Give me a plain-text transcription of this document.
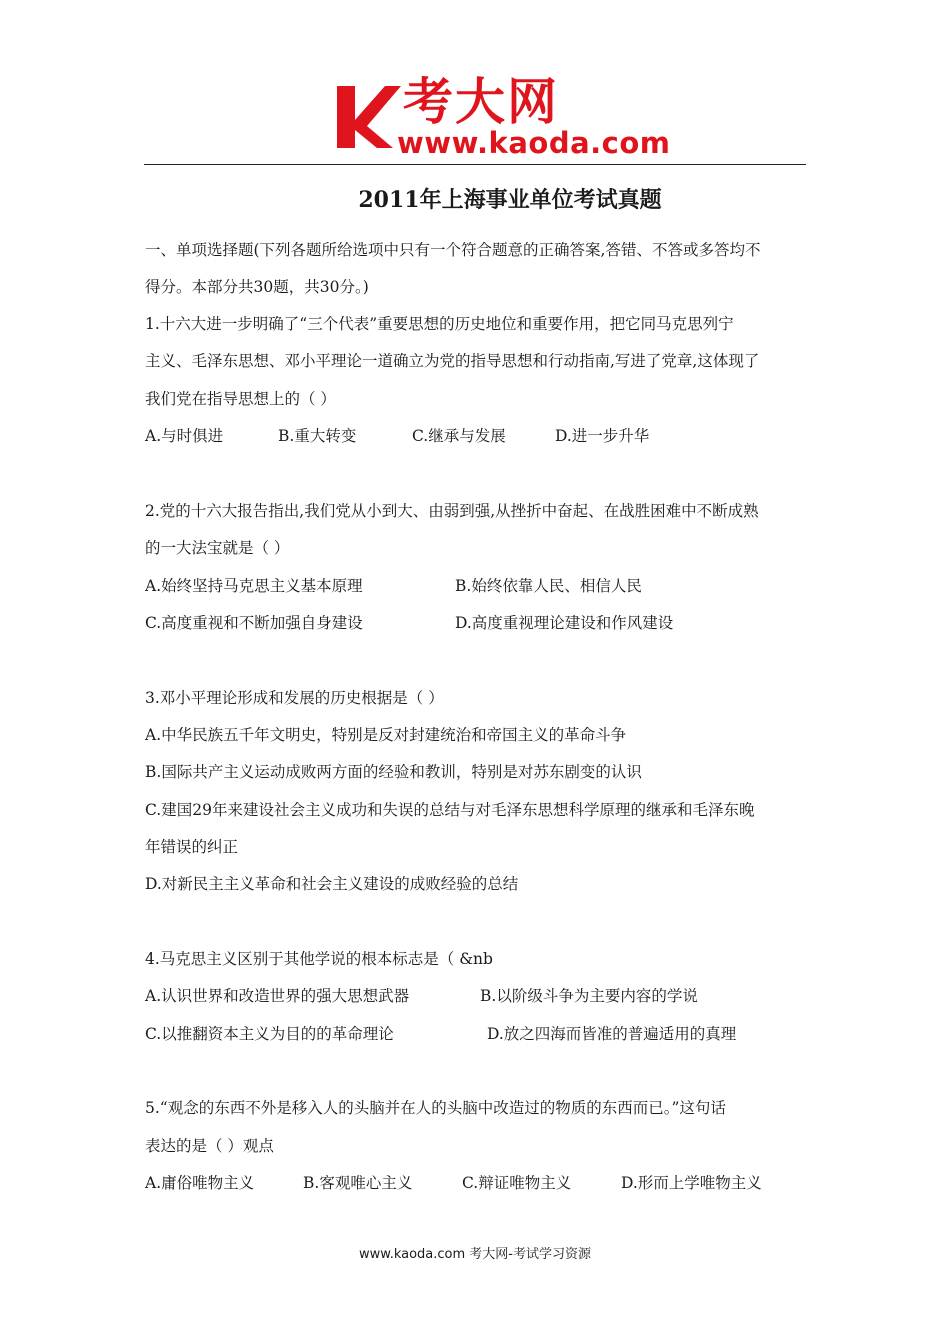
考大网
www.kaoda.com
2011年上海事业单位考试真题
一、单项选择题(下列各题所给选项中只有一个符合题意的正确答案,答错、不答或多答均不
得分。本部分共30题，共30分。)
1.十六大进一步明确了“三个代表”重要思想的历史地位和重要作用，把它同马克思列宁
主义、毛泽东思想、邓小平理论一道确立为党的指导思想和行动指南,写进了党章,这体现了
我们党在指导思想上的（ ）
A.与时俱进	B.重大转变	C.继承与发展	D.进一步升华
2.党的十六大报告指出,我们党从小到大、由弱到强,从挫折中奋起、在战胜困难中不断成熟
的一大法宝就是（ ）
A.始终坚持马克思主义基本原理	B.始终依靠人民、相信人民
C.高度重视和不断加强自身建设	D.高度重视理论建设和作风建设
3.邓小平理论形成和发展的历史根据是（ ）
A.中华民族五千年文明史，特别是反对封建统治和帝国主义的革命斗争
B.国际共产主义运动成败两方面的经验和教训，特别是对苏东剧变的认识
C.建国29年来建设社会主义成功和失误的总结与对毛泽东思想科学原理的继承和毛泽东晚
年错误的纠正
D.对新民主主义革命和社会主义建设的成败经验的总结
4.马克思主义区别于其他学说的根本标志是（ &nb
A.认识世界和改造世界的强大思想武器	B.以阶级斗争为主要内容的学说
C.以推翻资本主义为目的的革命理论	D.放之四海而皆准的普遍适用的真理
5.“观念的东西不外是移入人的头脑并在人的头脑中改造过的物质的东西而已。”这句话
表达的是（ ）观点
A.庸俗唯物主义	B.客观唯心主义	C.辩证唯物主义	D.形而上学唯物主义
www.kaoda.com 考大网-考试学习资源
